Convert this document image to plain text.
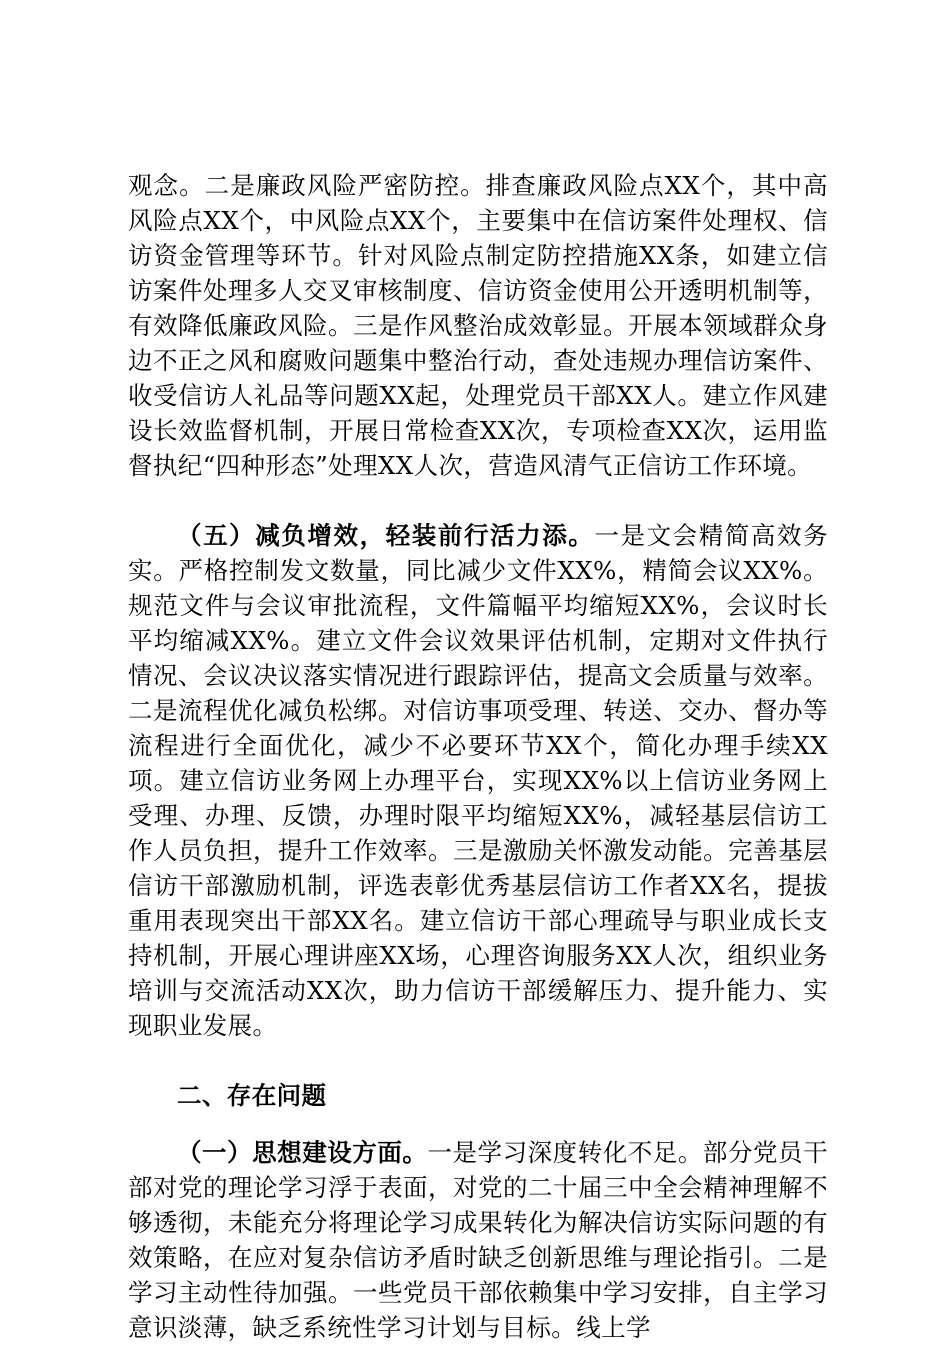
观念。二是廉政风险严密防控。排查廉政风险点XX个，其中高风险点XX个，中风险点XX个，主要集中在信访案件处理权、信访资金管理等环节。针对风险点制定防控措施XX条，如建立信访案件处理多人交叉审核制度、信访资金使用公开透明机制等，有效降低廉政风险。三是作风整治成效彰显。开展本领域群众身边不正之风和腐败问题集中整治行动，查处违规办理信访案件、收受信访人礼品等问题XX起，处理党员干部XX人。建立作风建设长效监督机制，开展日常检查XX次，专项检查XX次，运用监督执纪“四种形态”处理XX人次，营造风清气正信访工作环境。

（五）减负增效，轻装前行活力添。一是文会精简高效务实。严格控制发文数量，同比减少文件XX%，精简会议XX%。规范文件与会议审批流程，文件篇幅平均缩短XX%，会议时长平均缩减XX%。建立文件会议效果评估机制，定期对文件执行情况、会议决议落实情况进行跟踪评估，提高文会质量与效率。二是流程优化减负松绑。对信访事项受理、转送、交办、督办等流程进行全面优化，减少不必要环节XX个，简化办理手续XX项。建立信访业务网上办理平台，实现XX%以上信访业务网上受理、办理、反馈，办理时限平均缩短XX%，减轻基层信访工作人员负担，提升工作效率。三是激励关怀激发动能。完善基层信访干部激励机制，评选表彰优秀基层信访工作者XX名，提拔重用表现突出干部XX名。建立信访干部心理疏导与职业成长支持机制，开展心理讲座XX场，心理咨询服务XX人次，组织业务培训与交流活动XX次，助力信访干部缓解压力、提升能力、实现职业发展。

二、存在问题

（一）思想建设方面。一是学习深度转化不足。部分党员干部对党的理论学习浮于表面，对党的二十届三中全会精神理解不够透彻，未能充分将理论学习成果转化为解决信访实际问题的有效策略，在应对复杂信访矛盾时缺乏创新思维与理论指引。二是学习主动性待加强。一些党员干部依赖集中学习安排，自主学习意识淡薄，缺乏系统性学习计划与目标。线上学
